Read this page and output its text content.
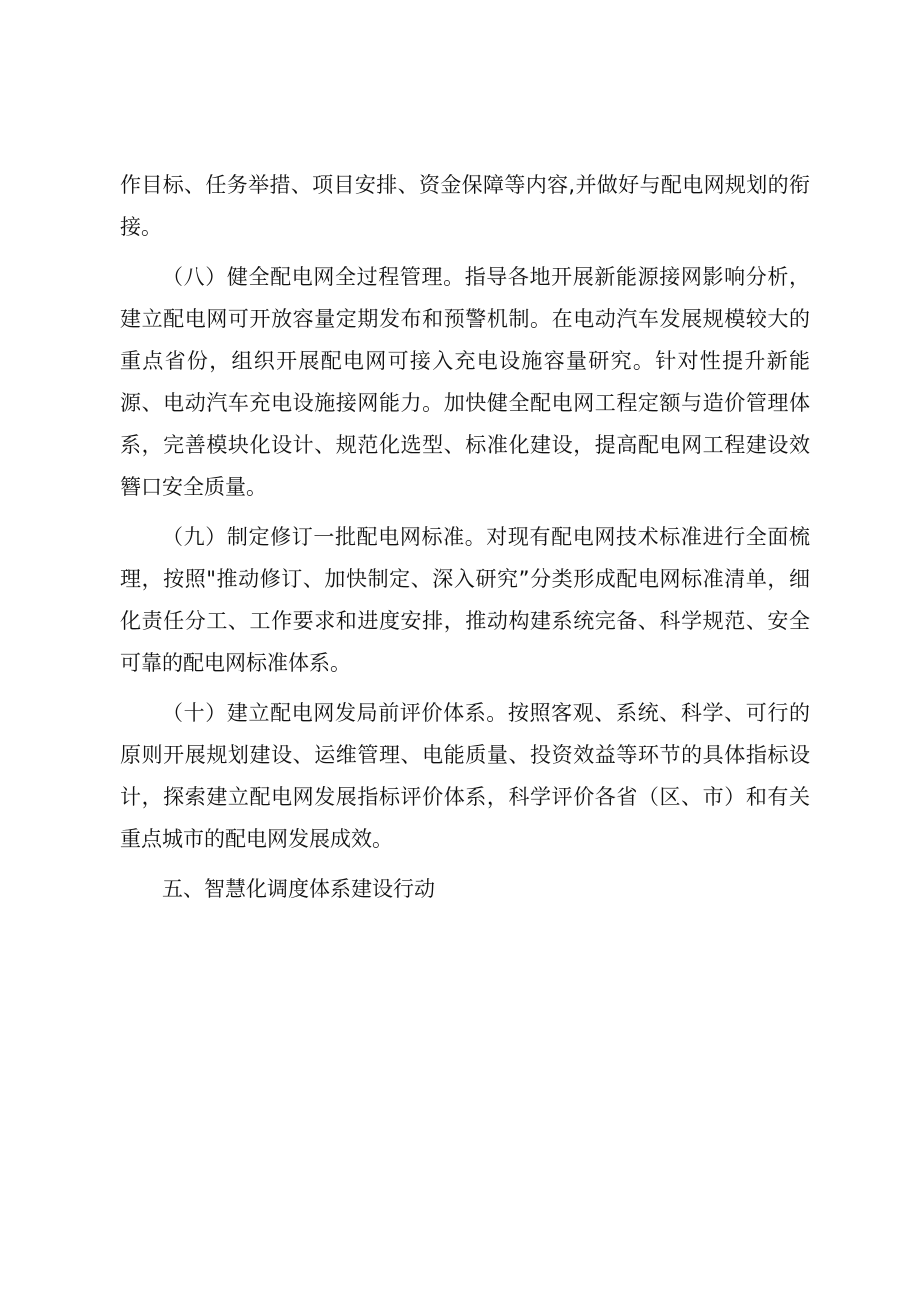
作目标、任务举措、项目安排、资金保障等内容,并做好与配电网规划的衔接。

（八）健全配电网全过程管理。指导各地开展新能源接网影响分析，建立配电网可开放容量定期发布和预警机制。在电动汽车发展规模较大的重点省份，组织开展配电网可接入充电设施容量研究。针对性提升新能源、电动汽车充电设施接网能力。加快健全配电网工程定额与造价管理体系，完善模块化设计、规范化选型、标准化建设，提高配电网工程建设效簪口安全质量。

（九）制定修订一批配电网标准。对现有配电网技术标准进行全面梳理，按照"推动修订、加快制定、深入研究”分类形成配电网标准清单，细化责任分工、工作要求和进度安排，推动构建系统完备、科学规范、安全可靠的配电网标准体系。

（十）建立配电网发局前评价体系。按照客观、系统、科学、可行的原则开展规划建设、运维管理、电能质量、投资效益等环节的具体指标设计，探索建立配电网发展指标评价体系，科学评价各省（区、市）和有关重点城市的配电网发展成效。

五、智慧化调度体系建设行动
